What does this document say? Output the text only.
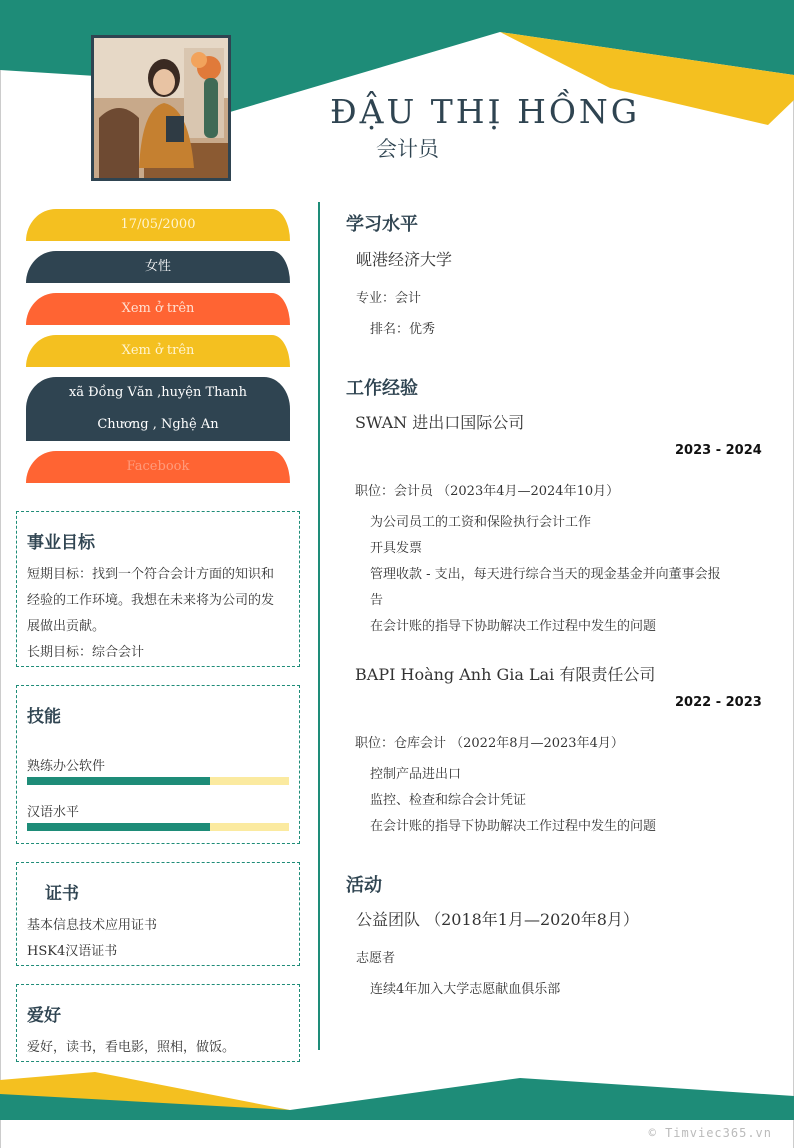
ĐẬU THỊ HỒNG
会计员
17/05/2000
女性
Xem ở trên
Xem ở trên
xã Đồng Văn ,huyện Thanh
Chương , Nghệ An
Facebook
事业目标
短期目标：找到一个符合会计方面的知识和
经验的工作环境。我想在未来将为公司的发
展做出贡献。
长期目标：综合会计
技能
熟练办公软件
汉语水平
证书
基本信息技术应用证书
HSK4汉语证书
爱好
爱好，读书，看电影，照相，做饭。
学习水平
岘港经济大学
专业：会计
排名：优秀
工作经验
SWAN 进出口国际公司
2023 - 2024
职位：会计员 （2023年4月—2024年10月）
为公司员工的工资和保险执行会计工作
开具发票
管理收款 - 支出，每天进行综合当天的现金基金并向董事会报
告
在会计账的指导下协助解决工作过程中发生的问题
BAPI Hoàng Anh Gia Lai 有限责任公司
2022 - 2023
职位：仓库会计 （2022年8月—2023年4月）
控制产品进出口
监控、检查和综合会计凭证
在会计账的指导下协助解决工作过程中发生的问题
活动
公益团队 （2018年1月—2020年8月）
志愿者
连续4年加入大学志愿献血俱乐部
© Timviec365.vn
